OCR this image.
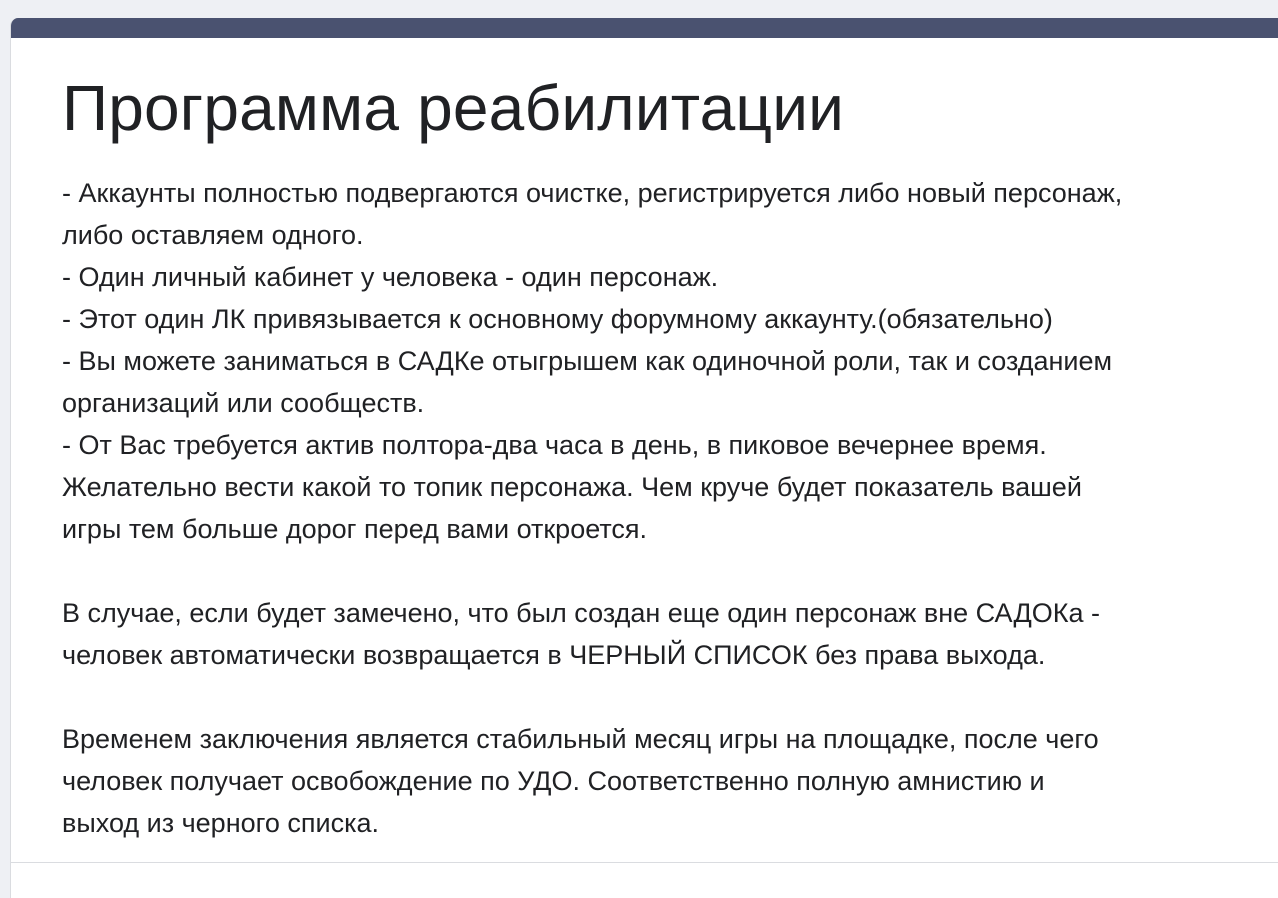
Программа реабилитации
- Аккаунты полностью подвергаются очистке, регистрируется либо новый персонаж,
либо оставляем одного.
- Один личный кабинет у человека - один персонаж.
- Этот один ЛК привязывается к основному форумному аккаунту.(обязательно)
- Вы можете заниматься в САДКе отыгрышем как одиночной роли, так и созданием
организаций или сообществ.
- От Вас требуется актив полтора-два часа в день, в пиковое вечернее время.
Желательно вести какой то топик персонажа. Чем круче будет показатель вашей
игры тем больше дорог перед вами откроется.
В случае, если будет замечено, что был создан еще один персонаж вне САДОКа -
человек автоматически возвращается в ЧЕРНЫЙ СПИСОК без права выхода.
Временем заключения является стабильный месяц игры на площадке, после чего
человек получает освобождение по УДО. Соответственно полную амнистию и
выход из черного списка.
